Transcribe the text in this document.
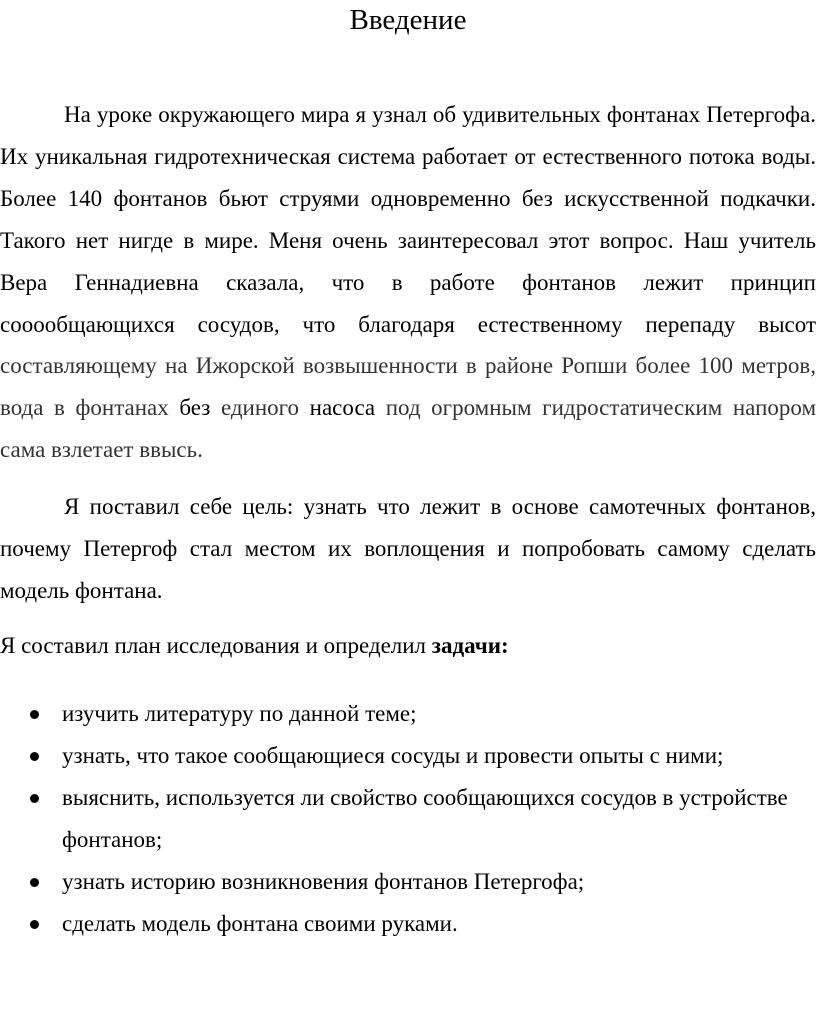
Введение

На уроке окружающего мира я узнал об удивительных фонтанах Петергофа. Их уникальная гидротехническая система работает от естественного потока воды. Более 140 фонтанов бьют струями одновременно без искусственной подкачки. Такого нет нигде в мире. Меня очень заинтересовал этот вопрос. Наш учитель Вера Геннадиевна сказала, что в работе фонтанов лежит принцип сооообщающихся сосудов, что благодаря естественному перепаду высот составляющему на Ижорской возвышенности в районе Ропши более 100 метров, вода в фонтанах без единого насоса под огромным гидростатическим напором сама взлетает ввысь.

Я поставил себе цель: узнать что лежит в основе самотечных фонтанов, почему Петергоф стал местом их воплощения и попробовать самому сделать модель фонтана.

Я составил план исследования и определил задачи:

изучить литературу по данной теме;
узнать, что такое сообщающиеся сосуды и провести опыты с ними;
выяснить, используется ли свойство сообщающихся сосудов в устройстве фонтанов;
узнать историю возникновения фонтанов Петергофа;
сделать модель фонтана своими руками.
